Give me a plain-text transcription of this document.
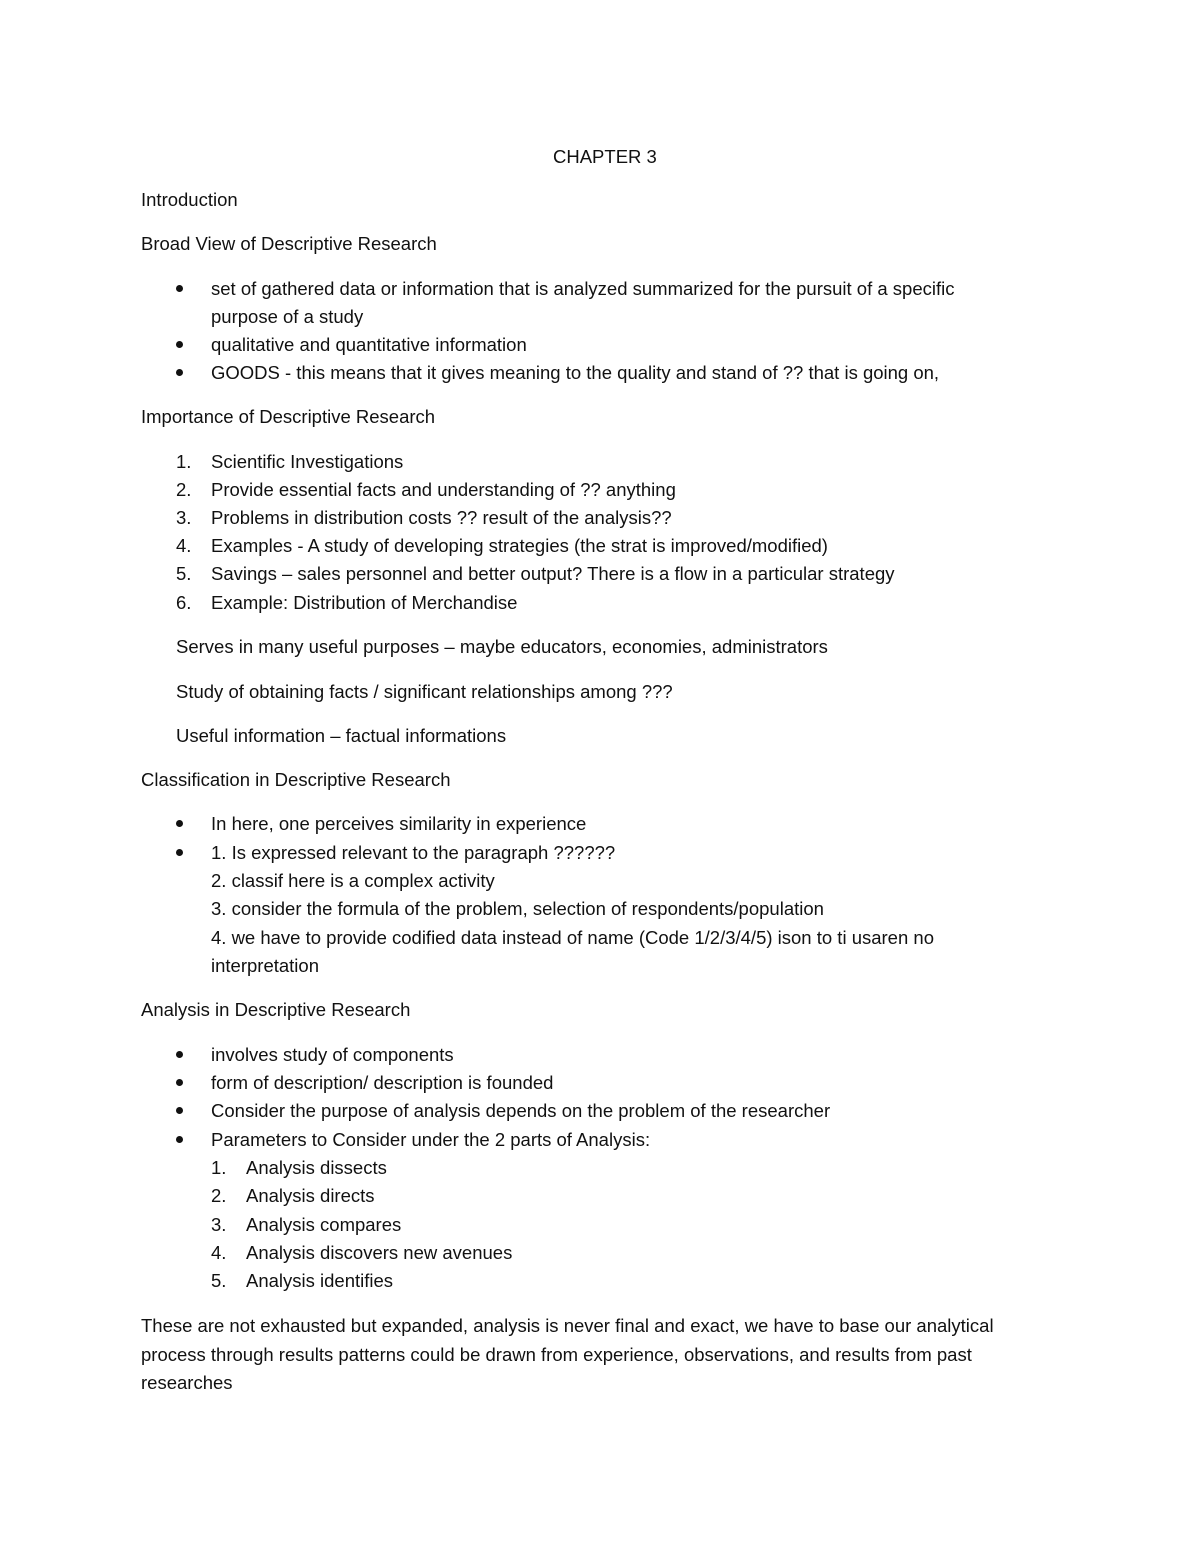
CHAPTER 3
Introduction
Broad View of Descriptive Research
set of gathered data or information that is analyzed summarized for the pursuit of a specific
purpose of a study
qualitative and quantitative information
GOODS - this means that it gives meaning to the quality and stand of ?? that is going on,
Importance of Descriptive Research
1. Scientific Investigations
2. Provide essential facts and understanding of ?? anything
3. Problems in distribution costs ?? result of the analysis??
4. Examples - A study of developing strategies (the strat is improved/modified)
5. Savings – sales personnel and better output? There is a flow in a particular strategy
6. Example: Distribution of Merchandise
Serves in many useful purposes – maybe educators, economies, administrators
Study of obtaining facts / significant relationships among ???
Useful information – factual informations
Classification in Descriptive Research
In here, one perceives similarity in experience
1. Is expressed relevant to the paragraph ??????
2. classif here is a complex activity
3. consider the formula of the problem, selection of respondents/population
4. we have to provide codified data instead of name (Code 1/2/3/4/5) ison to ti usaren no
interpretation
Analysis in Descriptive Research
involves study of components
form of description/ description is founded
Consider the purpose of analysis depends on the problem of the researcher
Parameters to Consider under the 2 parts of Analysis:
1. Analysis dissects
2. Analysis directs
3. Analysis compares
4. Analysis discovers new avenues
5. Analysis identifies
These are not exhausted but expanded, analysis is never final and exact, we have to base our analytical
process through results patterns could be drawn from experience, observations, and results from past
researches
